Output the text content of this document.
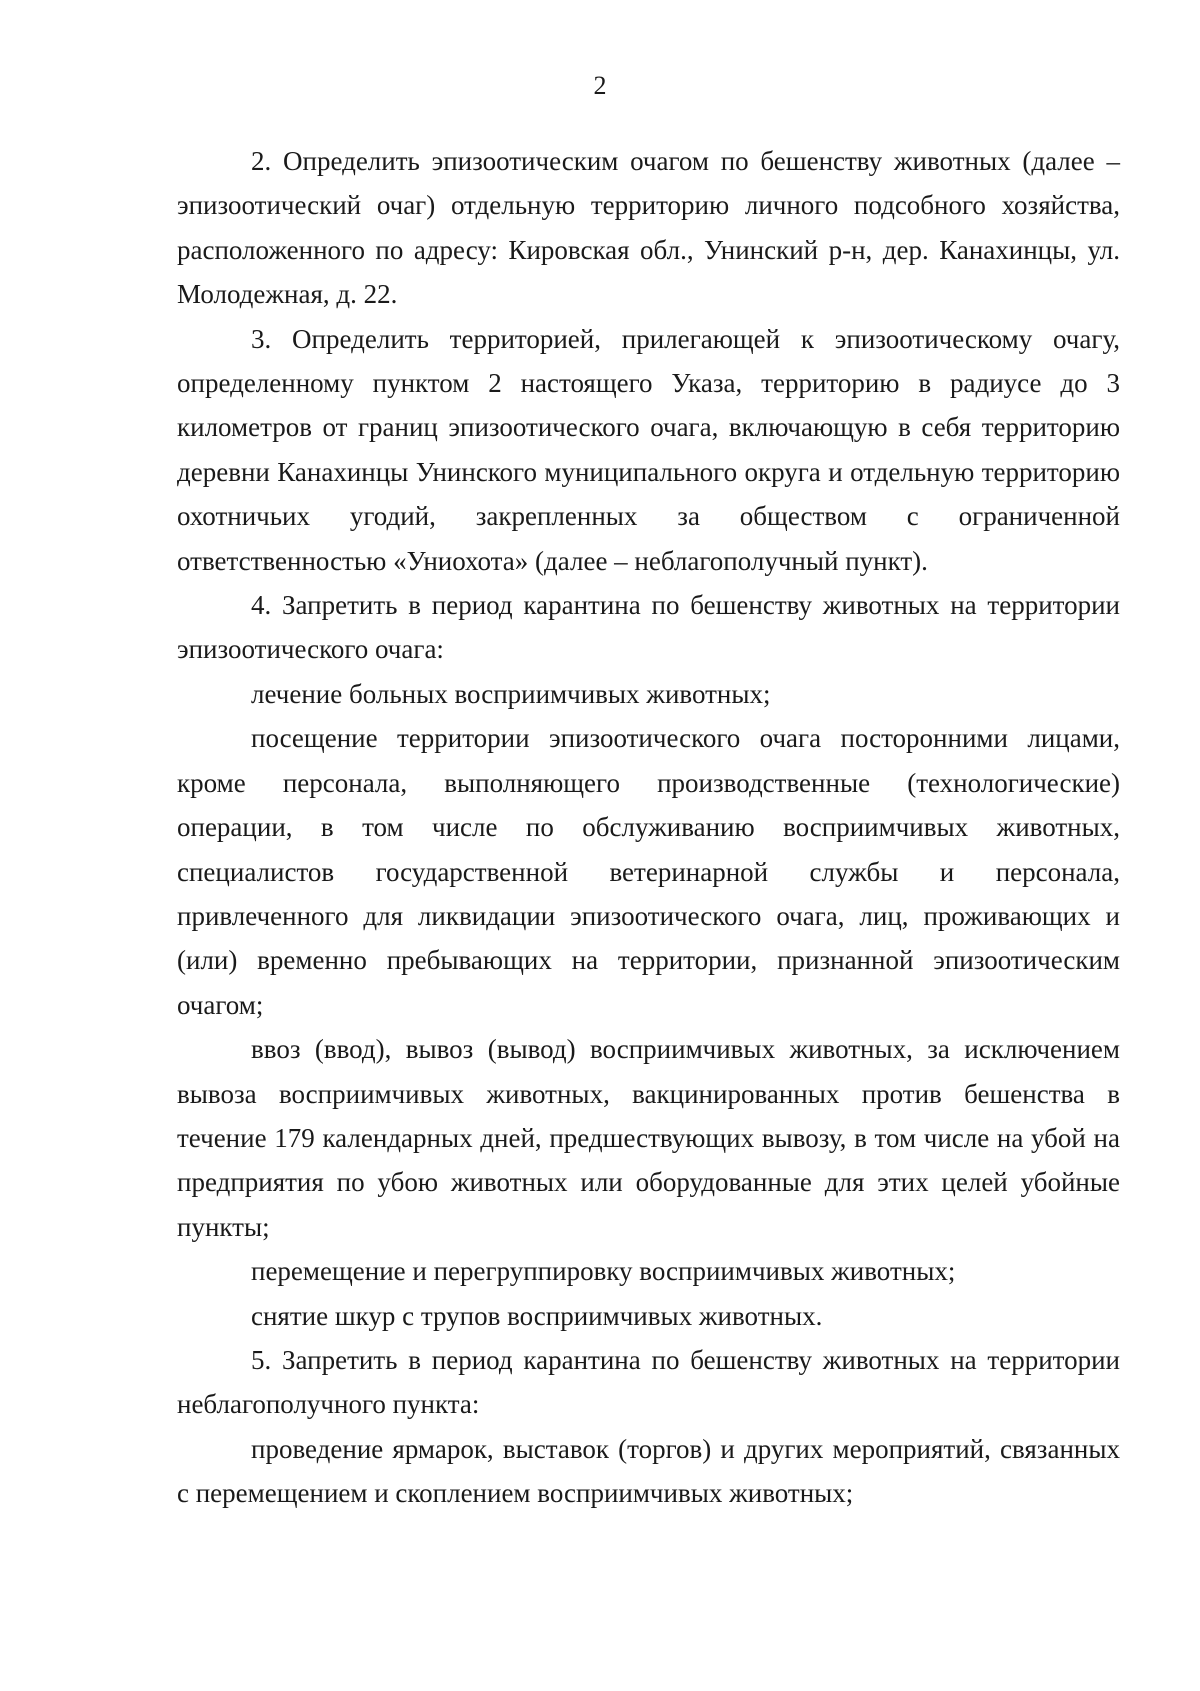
2

2. Определить эпизоотическим очагом по бешенству животных (далее – эпизоотический очаг) отдельную территорию личного подсобного хозяйства, расположенного по адресу: Кировская обл., Унинский р-н, дер. Канахинцы, ул. Молодежная, д. 22.

3. Определить территорией, прилегающей к эпизоотическому очагу, определенному пунктом 2 настоящего Указа, территорию в радиусе до 3 километров от границ эпизоотического очага, включающую в себя территорию деревни Канахинцы Унинского муниципального округа и отдельную территорию охотничьих угодий, закрепленных за обществом с ограниченной ответственностью «Униохота» (далее – неблагополучный пункт).

4. Запретить в период карантина по бешенству животных на территории эпизоотического очага:

лечение больных восприимчивых животных;

посещение территории эпизоотического очага посторонними лицами, кроме персонала, выполняющего производственные (технологические) операции, в том числе по обслуживанию восприимчивых животных, специалистов государственной ветеринарной службы и персонала, привлеченного для ликвидации эпизоотического очага, лиц, проживающих и (или) временно пребывающих на территории, признанной эпизоотическим очагом;

ввоз (ввод), вывоз (вывод) восприимчивых животных, за исключением вывоза восприимчивых животных, вакцинированных против бешенства в течение 179 календарных дней, предшествующих вывозу, в том числе на убой на предприятия по убою животных или оборудованные для этих целей убойные пункты;

перемещение и перегруппировку восприимчивых животных;

снятие шкур с трупов восприимчивых животных.

5. Запретить в период карантина по бешенству животных на территории неблагополучного пункта:

проведение ярмарок, выставок (торгов) и других мероприятий, связанных с перемещением и скоплением восприимчивых животных;
